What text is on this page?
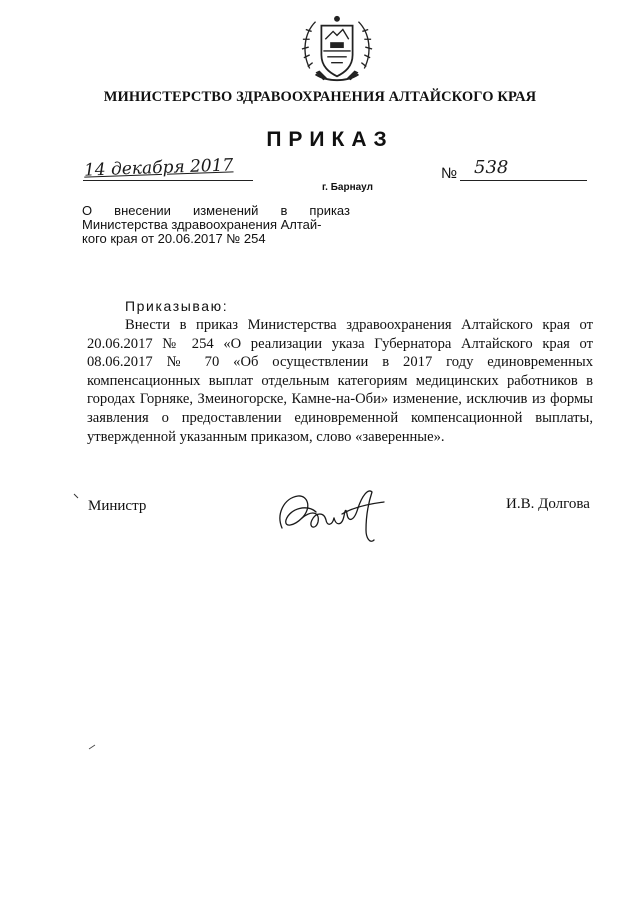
МИНИСТЕРСТВО ЗДРАВООХРАНЕНИЯ АЛТАЙСКОГО КРАЯ
ПРИКАЗ
14 декабря 2017
г. Барнаул
№ 538
О внесении изменений в приказ
Министерства здравоохранения Алтай-
кого края от 20.06.2017 № 254
Приказываю:

Внести в приказ Министерства здравоохранения Алтайского края от 20.06.2017 № 254 «О реализации указа Губернатора Алтайского края от 08.06.2017 № 70 «Об осуществлении в 2017 году единовременных компенсационных выплат отдельным категориям медицинских работников в городах Горняке, Змеиногорске, Камне-на-Оби» изменение, исключив из формы заявления о предоставлении единовременной компенсационной выплаты, утвержденной указанным приказом, слово «заверенные».

Министр	И.В. Долгова
